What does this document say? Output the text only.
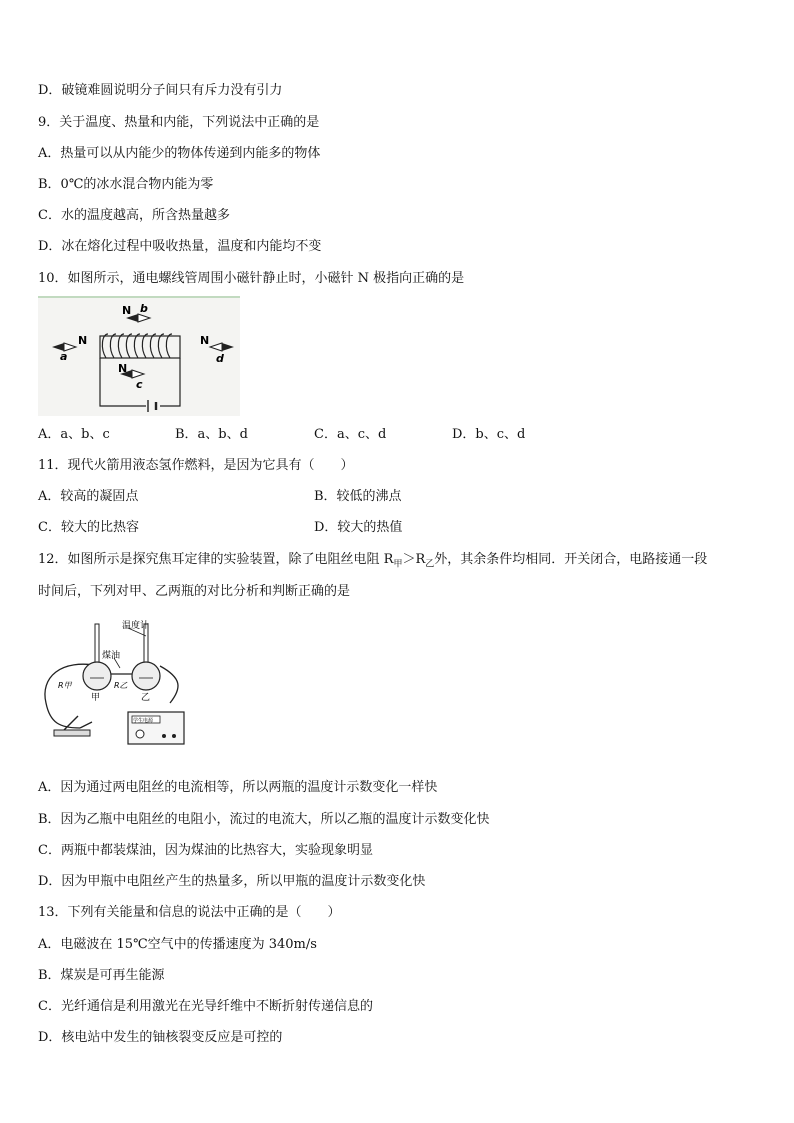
D．破镜难圆说明分子间只有斥力没有引力
9．关于温度、热量和内能，下列说法中正确的是
A．热量可以从内能少的物体传递到内能多的物体
B．0℃的冰水混合物内能为零
C．水的温度越高，所含热量越多
D．冰在熔化过程中吸收热量，温度和内能均不变
10．如图所示，通电螺线管周围小磁针静止时，小磁针 N 极指向正确的是
N
a
N b
N
c
N
d
A．a、b、c	B．a、b、d	C．a、c、d	D．b、c、d
11．现代火箭用液态氢作燃料，是因为它具有（　　）
A．较高的凝固点	B．较低的沸点
C．较大的比热容	D．较大的热值
12．如图所示是探究焦耳定律的实验装置，除了电阻丝电阻 $R_甲>R_乙$外，其余条件均相同．开关闭合，电路接通一段
时间后，下列对甲、乙两瓶的对比分析和判断正确的是
温度计
煤油
R甲	R乙
甲	乙
学生电源
A．因为通过两电阻丝的电流相等，所以两瓶的温度计示数变化一样快
B．因为乙瓶中电阻丝的电阻小，流过的电流大，所以乙瓶的温度计示数变化快
C．两瓶中都装煤油，因为煤油的比热容大，实验现象明显
D．因为甲瓶中电阻丝产生的热量多，所以甲瓶的温度计示数变化快
13．下列有关能量和信息的说法中正确的是（　　）
A．电磁波在 15℃空气中的传播速度为 340m/s
B．煤炭是可再生能源
C．光纤通信是利用激光在光导纤维中不断折射传递信息的
D．核电站中发生的铀核裂变反应是可控的
